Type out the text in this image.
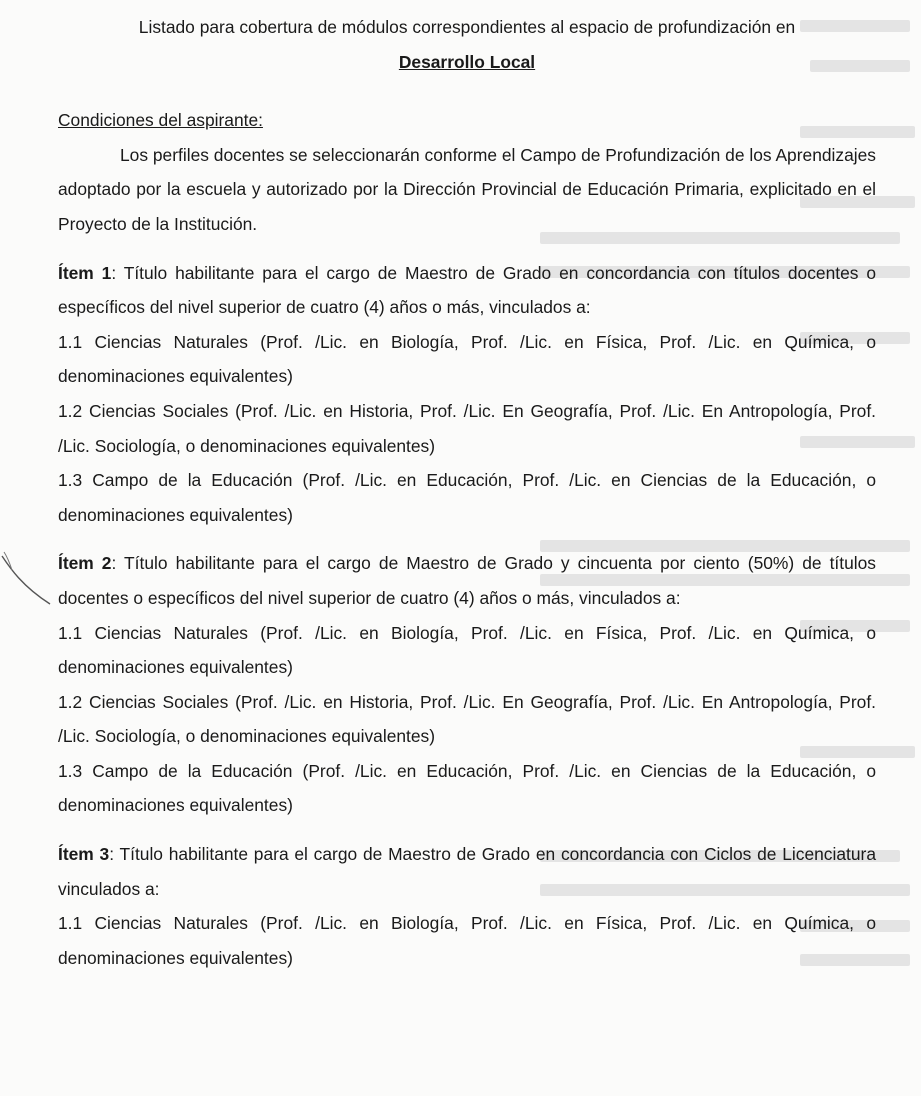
Listado para cobertura de módulos correspondientes al espacio de profundización en
Desarrollo Local
Condiciones del aspirante:
Los perfiles docentes se seleccionarán conforme el Campo de Profundización de los Aprendizajes adoptado por la escuela y autorizado por la Dirección Provincial de Educación Primaria, explicitado en el Proyecto de la Institución.
Ítem 1: Título habilitante para el cargo de Maestro de Grado en concordancia con títulos docentes o específicos del nivel superior de cuatro (4) años o más, vinculados a:
1.1 Ciencias Naturales (Prof. /Lic. en Biología, Prof. /Lic. en Física, Prof. /Lic. en Química, o denominaciones equivalentes)
1.2 Ciencias Sociales (Prof. /Lic. en Historia, Prof. /Lic. En Geografía, Prof. /Lic. En Antropología, Prof. /Lic. Sociología, o denominaciones equivalentes)
1.3 Campo de la Educación (Prof. /Lic. en Educación, Prof. /Lic. en Ciencias de la Educación, o denominaciones equivalentes)
Ítem 2: Título habilitante para el cargo de Maestro de Grado y cincuenta por ciento (50%) de títulos docentes o específicos del nivel superior de cuatro (4) años o más, vinculados a:
1.1 Ciencias Naturales (Prof. /Lic. en Biología, Prof. /Lic. en Física, Prof. /Lic. en Química, o denominaciones equivalentes)
1.2 Ciencias Sociales (Prof. /Lic. en Historia, Prof. /Lic. En Geografía, Prof. /Lic. En Antropología, Prof. /Lic. Sociología, o denominaciones equivalentes)
1.3 Campo de la Educación (Prof. /Lic. en Educación, Prof. /Lic. en Ciencias de la Educación, o denominaciones equivalentes)
Ítem 3: Título habilitante para el cargo de Maestro de Grado en concordancia con Ciclos de Licenciatura vinculados a:
1.1 Ciencias Naturales (Prof. /Lic. en Biología, Prof. /Lic. en Física, Prof. /Lic. en Química, o denominaciones equivalentes)
